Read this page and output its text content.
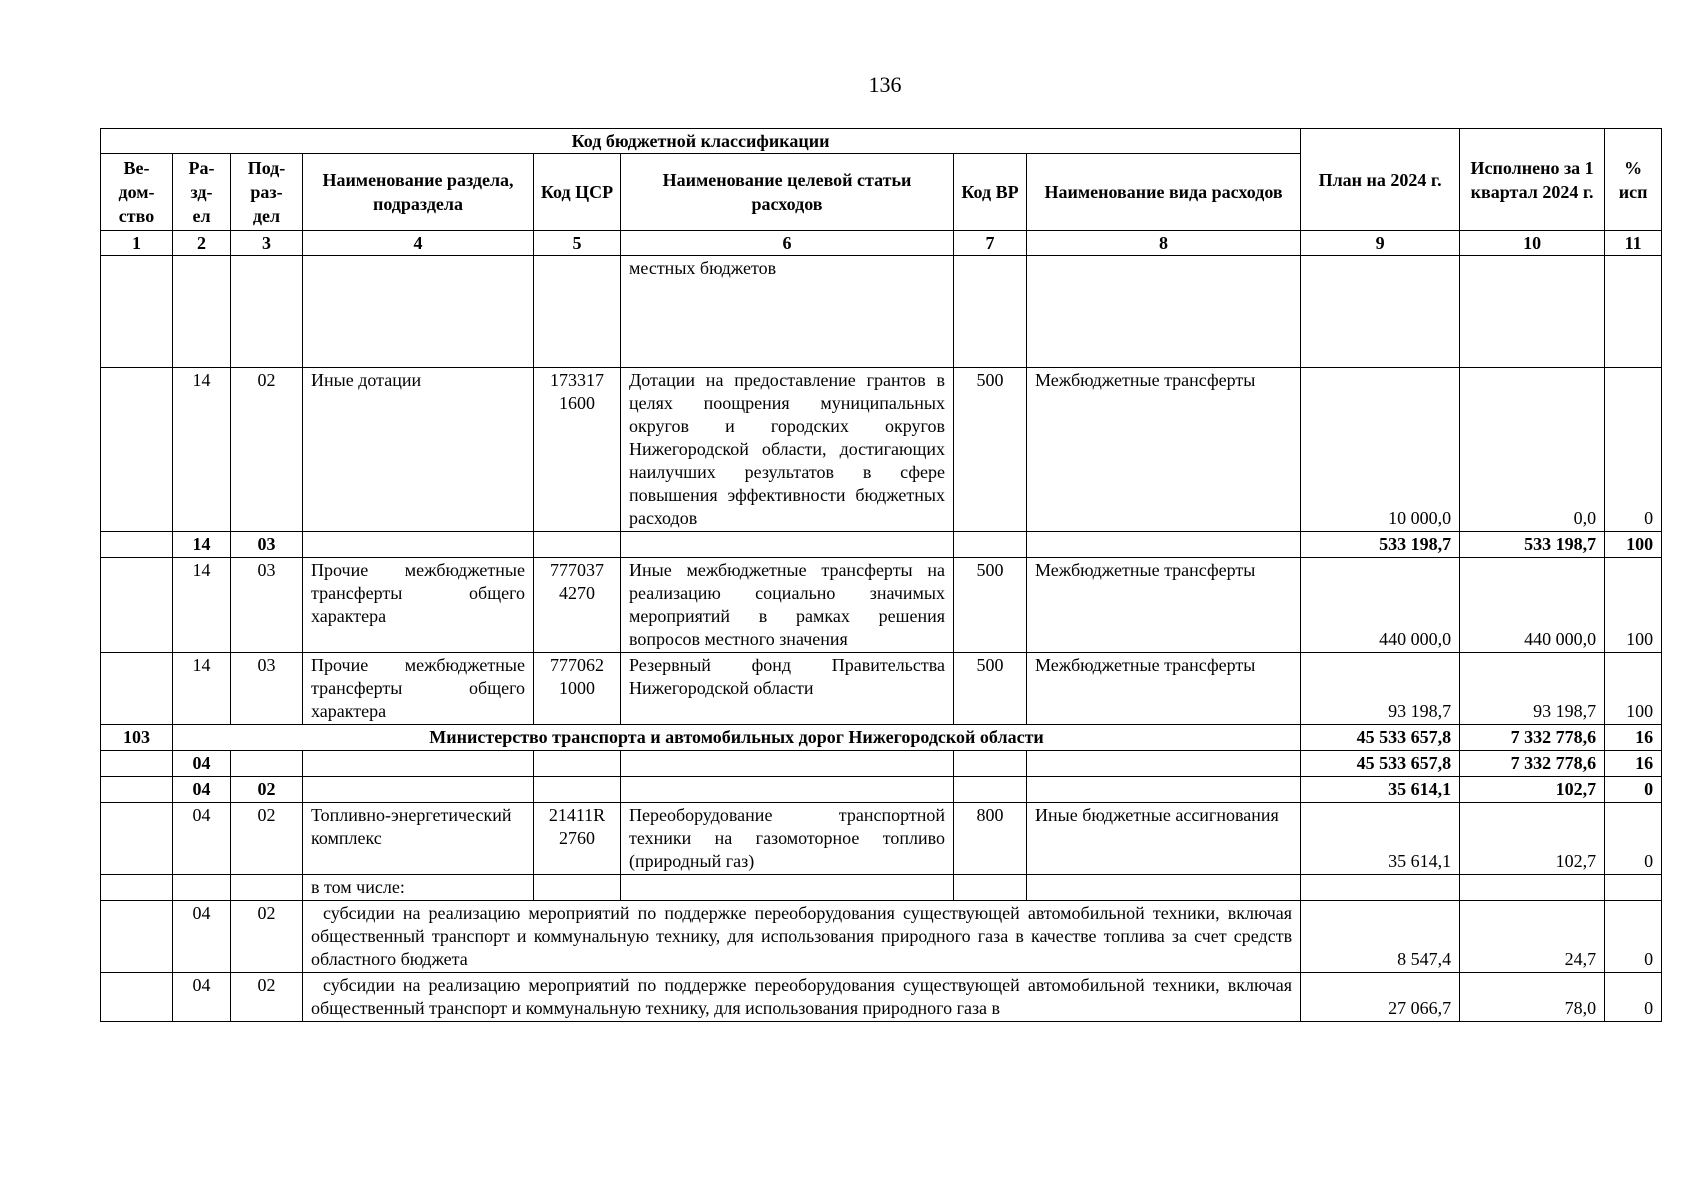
136
Код бюджетной классификации								План на 2024 г.	Исполнено за 1 квартал 2024 г.	% исп
Ве-
дом-
ство	Ра-
зд-
ел	Под-
раз-
дел	Наименование раздела, подраздела	Код ЦСР	Наименование целевой статьи расходов	Код ВР	Наименование вида расходов			
1	2	3	4	5	6	7	8	9	10	11
					местных бюджетов					
	14	02	Иные дотации	173317 1600	Дотации на предоставление грантов в целях поощрения муниципальных округов и городских округов Нижегородской области, достигающих наилучших результатов в сфере повышения эффективности бюджетных расходов	500	Межбюджетные трансферты	10 000,0	0,0	0
	14	03						533 198,7	533 198,7	100
	14	03	Прочие межбюджетные трансферты общего характера	777037 4270	Иные межбюджетные трансферты на реализацию социально значимых мероприятий в рамках решения вопросов местного значения	500	Межбюджетные трансферты	440 000,0	440 000,0	100
	14	03	Прочие межбюджетные трансферты общего характера	777062 1000	Резервный фонд Правительства Нижегородской области	500	Межбюджетные трансферты	93 198,7	93 198,7	100
103	Министерство транспорта и автомобильных дорог Нижегородской области							45 533 657,8	7 332 778,6	16
	04							45 533 657,8	7 332 778,6	16
	04	02						35 614,1	102,7	0
	04	02	Топливно-энергетический комплекс	21411R 2760	Переоборудование транспортной техники на газомоторное топливо (природный газ)	800	Иные бюджетные ассигнования	35 614,1	102,7	0
			в том числе:							
	04	02	субсидии на реализацию мероприятий по поддержке переоборудования существующей автомобильной техники, включая общественный транспорт и коммунальную технику, для использования природного газа в качестве топлива за счет средств областного бюджета					8 547,4	24,7	0
	04	02	субсидии на реализацию мероприятий по поддержке переоборудования существующей автомобильной техники, включая общественный транспорт и коммунальную технику, для использования природного газа в					27 066,7	78,0	0
